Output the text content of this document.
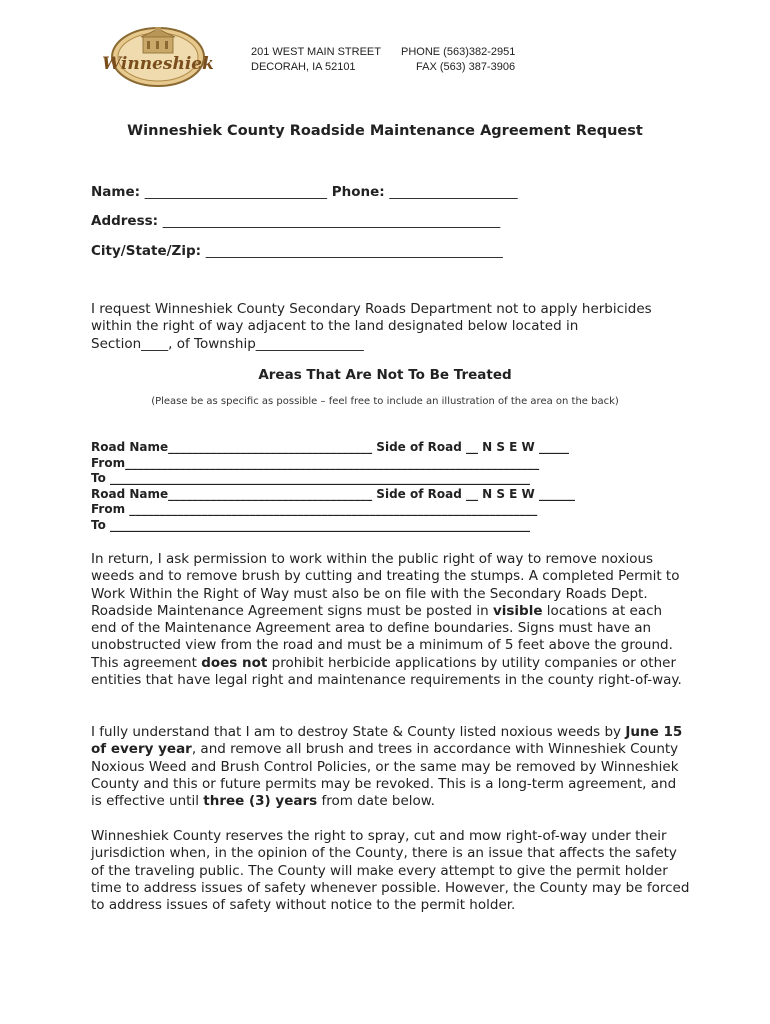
Winneshiek
201 WEST MAIN STREET
DECORAH, IA 52101
PHONE (563)382-2951
FAX (563) 387-3906
Winneshiek County Roadside Maintenance Agreement Request
Name: ___________________________ Phone: ___________________
Address: __________________________________________________
City/State/Zip: ____________________________________________
I request Winneshiek County Secondary Roads Department not to apply herbicides
within the right of way adjacent to the land designated below located in
Section____, of Township________________
Areas That Are Not To Be Treated
(Please be as specific as possible – feel free to include an illustration of the area on the back)
Road Name__________________________________ Side of Road __ N S E W _____
From_____________________________________________________________________
To ______________________________________________________________________
Road Name__________________________________ Side of Road __ N S E W ______
From ____________________________________________________________________
To ______________________________________________________________________
In return, I ask permission to work within the public right of way to remove noxious weeds and to remove brush by cutting and treating the stumps. A completed Permit to Work Within the Right of Way must also be on file with the Secondary Roads Dept. Roadside Maintenance Agreement signs must be posted in visible locations at each end of the Maintenance Agreement area to define boundaries. Signs must have an unobstructed view from the road and must be a minimum of 5 feet above the ground. This agreement does not prohibit herbicide applications by utility companies or other entities that have legal right and maintenance requirements in the county right-of-way.
I fully understand that I am to destroy State & County listed noxious weeds by June 15 of every year, and remove all brush and trees in accordance with Winneshiek County Noxious Weed and Brush Control Policies, or the same may be removed by Winneshiek County and this or future permits may be revoked. This is a long-term agreement, and is effective until three (3) years from date below.
Winneshiek County reserves the right to spray, cut and mow right-of-way under their jurisdiction when, in the opinion of the County, there is an issue that affects the safety of the traveling public. The County will make every attempt to give the permit holder time to address issues of safety whenever possible. However, the County may be forced to address issues of safety without notice to the permit holder.
